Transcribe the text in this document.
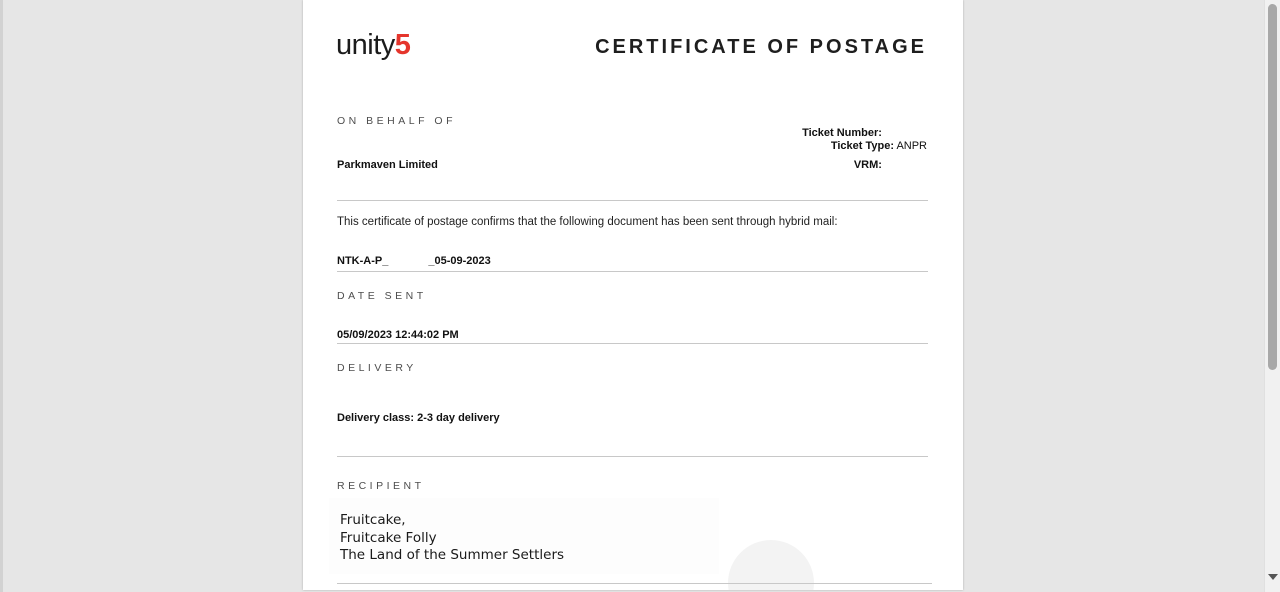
unity5	CERTIFICATE OF POSTAGE
ON BEHALF OF
Ticket Number:
Ticket Type: ANPR
VRM:
Parkmaven Limited
This certificate of postage confirms that the following document has been sent through hybrid mail:
NTK-A-P_	_05-09-2023
DATE SENT
05/09/2023 12:44:02 PM
DELIVERY
Delivery class: 2-3 day delivery
RECIPIENT
Fruitcake,
Fruitcake Folly
The Land of the Summer Settlers
